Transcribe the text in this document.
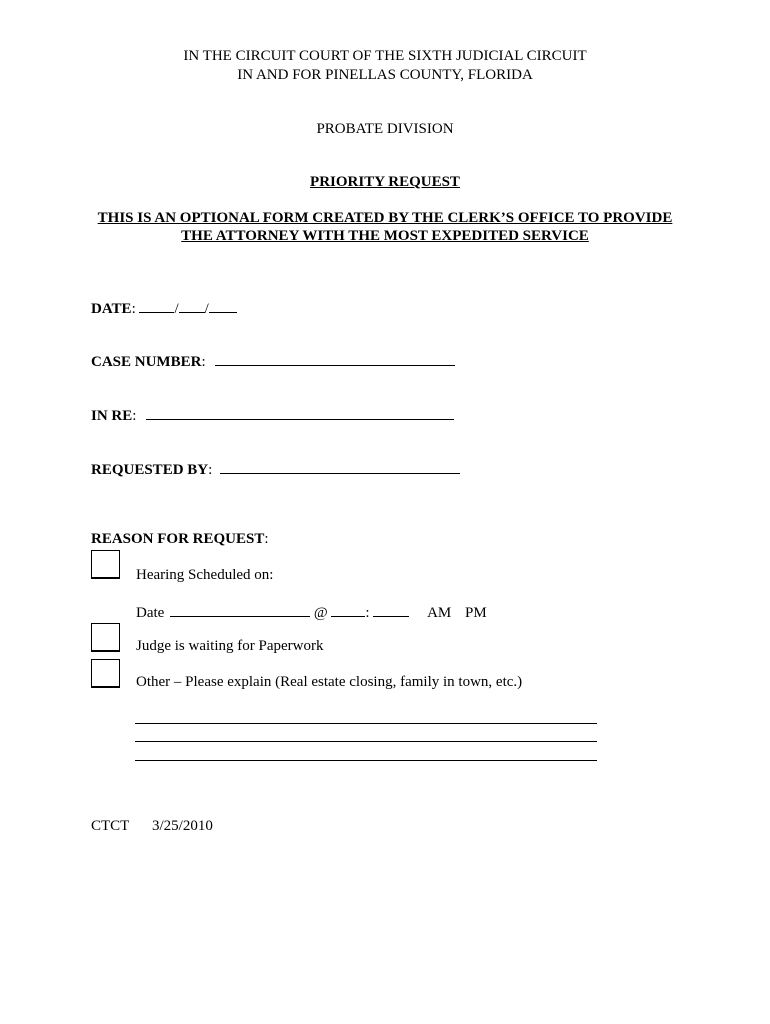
IN THE CIRCUIT COURT OF THE SIXTH JUDICIAL CIRCUIT
IN AND FOR PINELLAS COUNTY, FLORIDA
PROBATE DIVISION
PRIORITY REQUEST
THIS IS AN OPTIONAL FORM CREATED BY THE CLERK’S OFFICE TO PROVIDE
THE ATTORNEY WITH THE MOST EXPEDITED SERVICE
DATE:	/ /
CASE NUMBER:
IN RE:
REQUESTED BY:
REASON FOR REQUEST:
Hearing Scheduled on:
Date	@	:	AM PM
Judge is waiting for Paperwork
Other – Please explain (Real estate closing, family in town, etc.)
CTCT 3/25/2010
